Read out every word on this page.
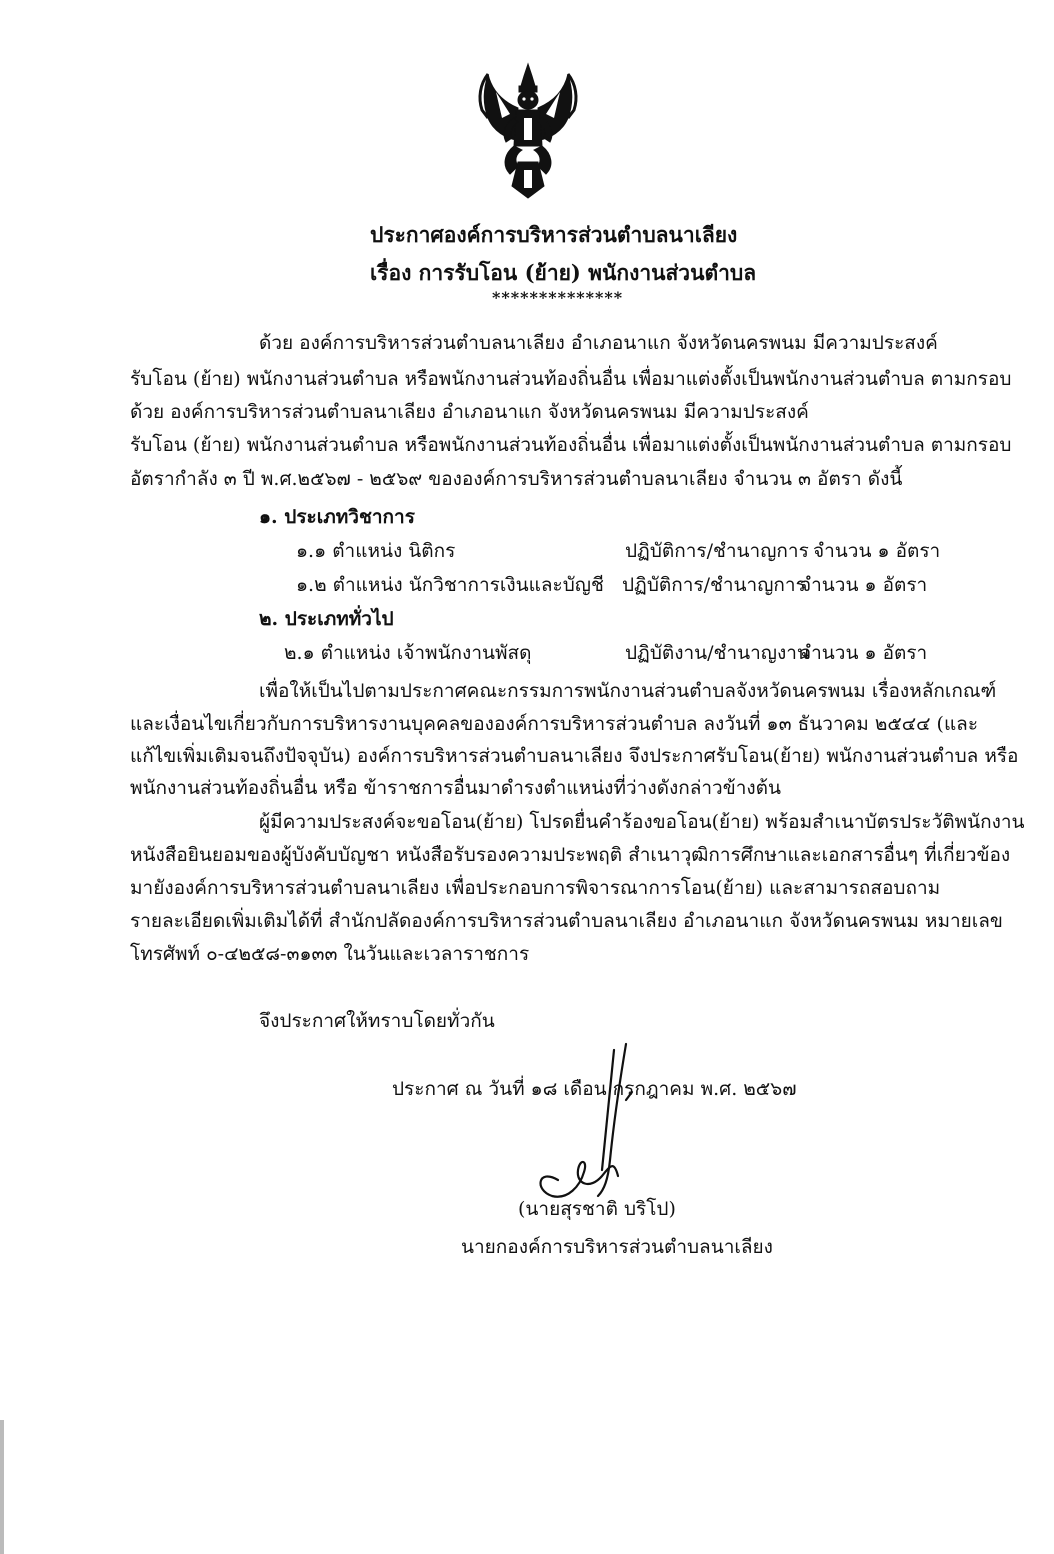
ประกาศองค์การบริหารส่วนตำบลนาเลียง
เรื่อง การรับโอน (ย้าย) พนักงานส่วนตำบล
**************
ด้วย องค์การบริหารส่วนตำบลนาเลียง อำเภอนาแก จังหวัดนครพนม มีความประสงค์
รับโอน (ย้าย) พนักงานส่วนตำบล หรือพนักงานส่วนท้องถิ่นอื่น เพื่อมาแต่งตั้งเป็นพนักงานส่วนตำบล ตามกรอบ
ด้วย องค์การบริหารส่วนตำบลนาเลียง อำเภอนาแก จังหวัดนครพนม มีความประสงค์
รับโอน (ย้าย) พนักงานส่วนตำบล หรือพนักงานส่วนท้องถิ่นอื่น เพื่อมาแต่งตั้งเป็นพนักงานส่วนตำบล ตามกรอบ
อัตรากำลัง ๓ ปี พ.ศ.๒๕๖๗ - ๒๕๖๙ ขององค์การบริหารส่วนตำบลนาเลียง จำนวน ๓ อัตรา ดังนี้
๑. ประเภทวิชาการ
๑.๑ ตำแหน่ง นิติกร	ปฏิบัติการ/ชำนาญการ จำนวน ๑ อัตรา
๑.๒ ตำแหน่ง นักวิชาการเงินและบัญชี ปฏิบัติการ/ชำนาญการ
จำนวน ๑ อัตรา
๒. ประเภททั่วไป
๒.๑ ตำแหน่ง เจ้าพนักงานพัสดุ	ปฏิบัติงาน/ชำนาญงาน
จำนวน ๑ อัตรา
เพื่อให้เป็นไปตามประกาศคณะกรรมการพนักงานส่วนตำบลจังหวัดนครพนม เรื่องหลักเกณฑ์
และเงื่อนไขเกี่ยวกับการบริหารงานบุคคลขององค์การบริหารส่วนตำบล ลงวันที่ ๑๓ ธันวาคม ๒๕๔๔ (และ
แก้ไขเพิ่มเติมจนถึงปัจจุบัน) องค์การบริหารส่วนตำบลนาเลียง จึงประกาศรับโอน(ย้าย) พนักงานส่วนตำบล หรือ
พนักงานส่วนท้องถิ่นอื่น หรือ ข้าราชการอื่นมาดำรงตำแหน่งที่ว่างดังกล่าวข้างต้น
ผู้มีความประสงค์จะขอโอน(ย้าย) โปรดยื่นคำร้องขอโอน(ย้าย) พร้อมสำเนาบัตรประวัติพนักงาน
หนังสือยินยอมของผู้บังคับบัญชา หนังสือรับรองความประพฤติ สำเนาวุฒิการศึกษาและเอกสารอื่นๆ ที่เกี่ยวข้อง
มายังองค์การบริหารส่วนตำบลนาเลียง เพื่อประกอบการพิจารณาการโอน(ย้าย) และสามารถสอบถาม
รายละเอียดเพิ่มเติมได้ที่ สำนักปลัดองค์การบริหารส่วนตำบลนาเลียง อำเภอนาแก จังหวัดนครพนม หมายเลข
โทรศัพท์ ๐-๔๒๕๘-๓๑๓๓ ในวันและเวลาราชการ
จึงประกาศให้ทราบโดยทั่วกัน
ประกาศ ณ วันที่ ๑๘ เดือน กรกฎาคม พ.ศ. ๒๕๖๗
(นายสุรชาติ บริโป)
นายกองค์การบริหารส่วนตำบลนาเลียง
